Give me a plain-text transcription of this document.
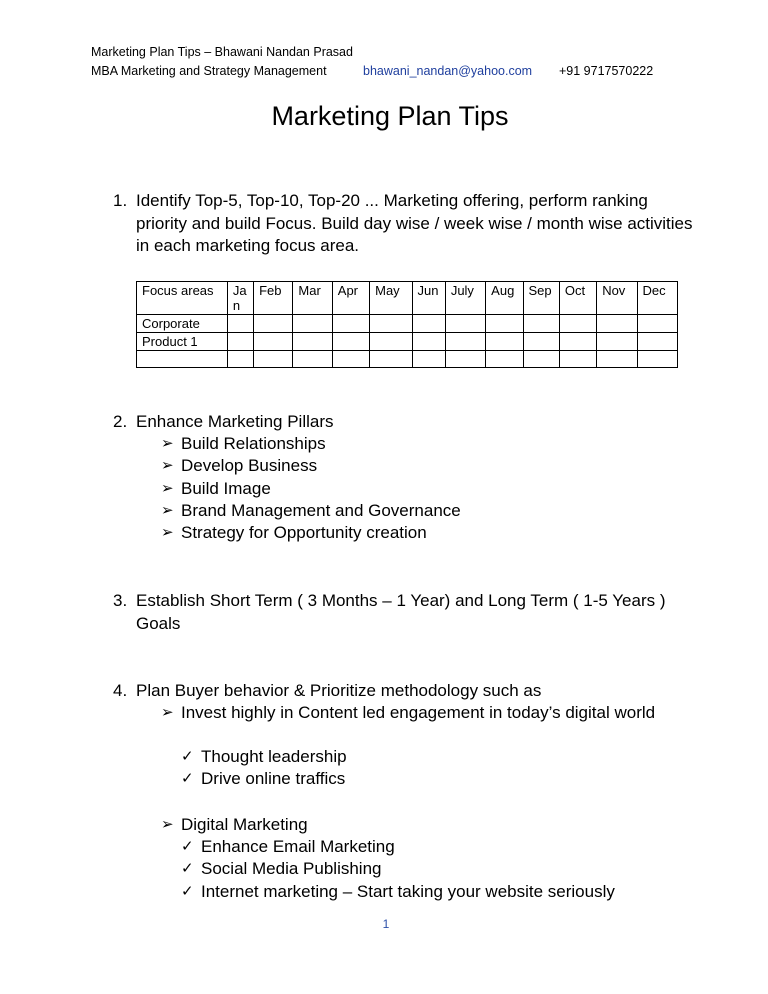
Marketing Plan Tips – Bhawani Nandan Prasad
MBA Marketing and Strategy Management	bhawani_nandan@yahoo.com +91 9717570222
Marketing Plan Tips
1. Identify Top-5, Top-10, Top-20 ... Marketing offering, perform ranking priority and build Focus. Build day wise / week wise / month wise activities in each marketing focus area.
Focus areas	Ja n	Feb	Mar	Apr	May	Jun	July	Aug	Sep	Oct	Nov	Dec
Corporate												
Product 1												

2. Enhance Marketing Pillars
➢ Build Relationships
➢ Develop Business
➢ Build Image
➢ Brand Management and Governance
➢ Strategy for Opportunity creation
3. Establish Short Term ( 3 Months – 1 Year) and Long Term ( 1-5 Years ) Goals
4. Plan Buyer behavior & Prioritize methodology such as
➢ Invest highly in Content led engagement in today’s digital world
✓ Thought leadership
✓ Drive online traffics
➢ Digital Marketing
✓ Enhance Email Marketing
✓ Social Media Publishing
✓ Internet marketing – Start taking your website seriously
1
